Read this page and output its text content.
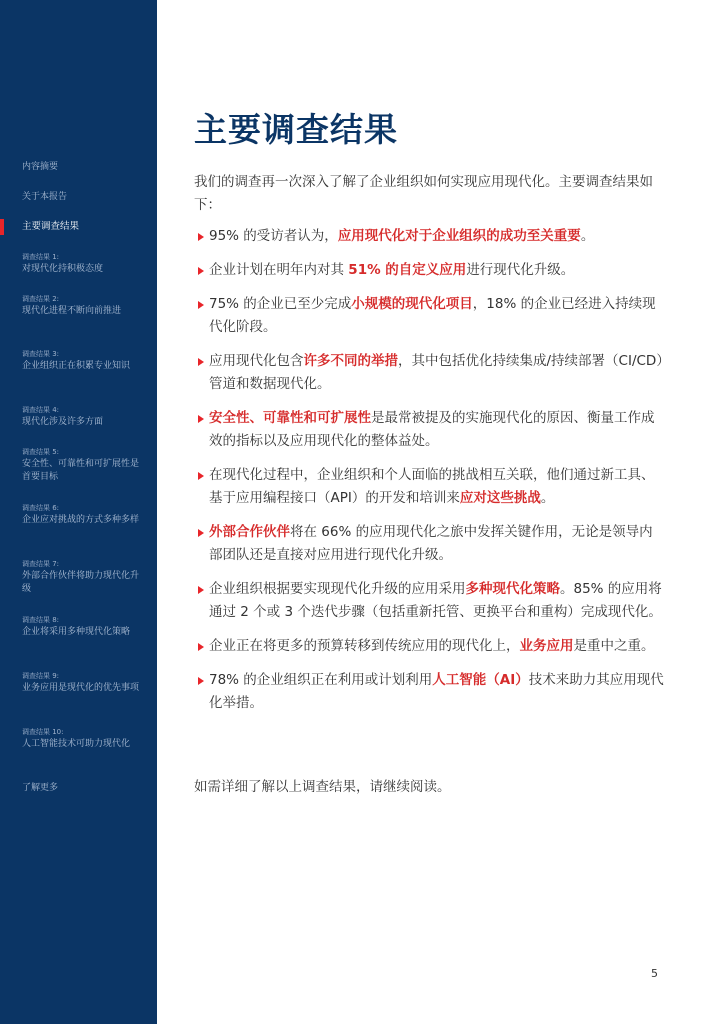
内容摘要
关于本报告
主要调查结果
调查结果 1:
对现代化持积极态度
调查结果 2:
现代化进程不断向前推进
调查结果 3:
企业组织正在积累专业知识
调查结果 4:
现代化涉及许多方面
调查结果 5:
安全性、可靠性和可扩展性是首要目标
调查结果 6:
企业应对挑战的方式多种多样
调查结果 7:
外部合作伙伴将助力现代化升级
调查结果 8:
企业将采用多种现代化策略
调查结果 9:
业务应用是现代化的优先事项
调查结果 10:
人工智能技术可助力现代化
了解更多
主要调查结果

我们的调查再一次深入了解了企业组织如何实现应用现代化。主要调查结果如下：

95% 的受访者认为，应用现代化对于企业组织的成功至关重要。
企业计划在明年内对其 51% 的自定义应用进行现代化升级。
75% 的企业已至少完成小规模的现代化项目，18% 的企业已经进入持续现代化阶段。
应用现代化包含许多不同的举措，其中包括优化持续集成/持续部署（CI/CD）管道和数据现代化。
安全性、可靠性和可扩展性是最常被提及的实施现代化的原因、衡量工作成效的指标以及应用现代化的整体益处。
在现代化过程中，企业组织和个人面临的挑战相互关联，他们通过新工具、基于应用编程接口（API）的开发和培训来应对这些挑战。
外部合作伙伴将在 66% 的应用现代化之旅中发挥关键作用，无论是领导内部团队还是直接对应用进行现代化升级。
企业组织根据要实现现代化升级的应用采用多种现代化策略。85% 的应用将通过 2 个或 3 个迭代步骤（包括重新托管、更换平台和重构）完成现代化。
企业正在将更多的预算转移到传统应用的现代化上，业务应用是重中之重。
78% 的企业组织正在利用或计划利用人工智能（AI）技术来助力其应用现代化举措。

如需详细了解以上调查结果，请继续阅读。

5
